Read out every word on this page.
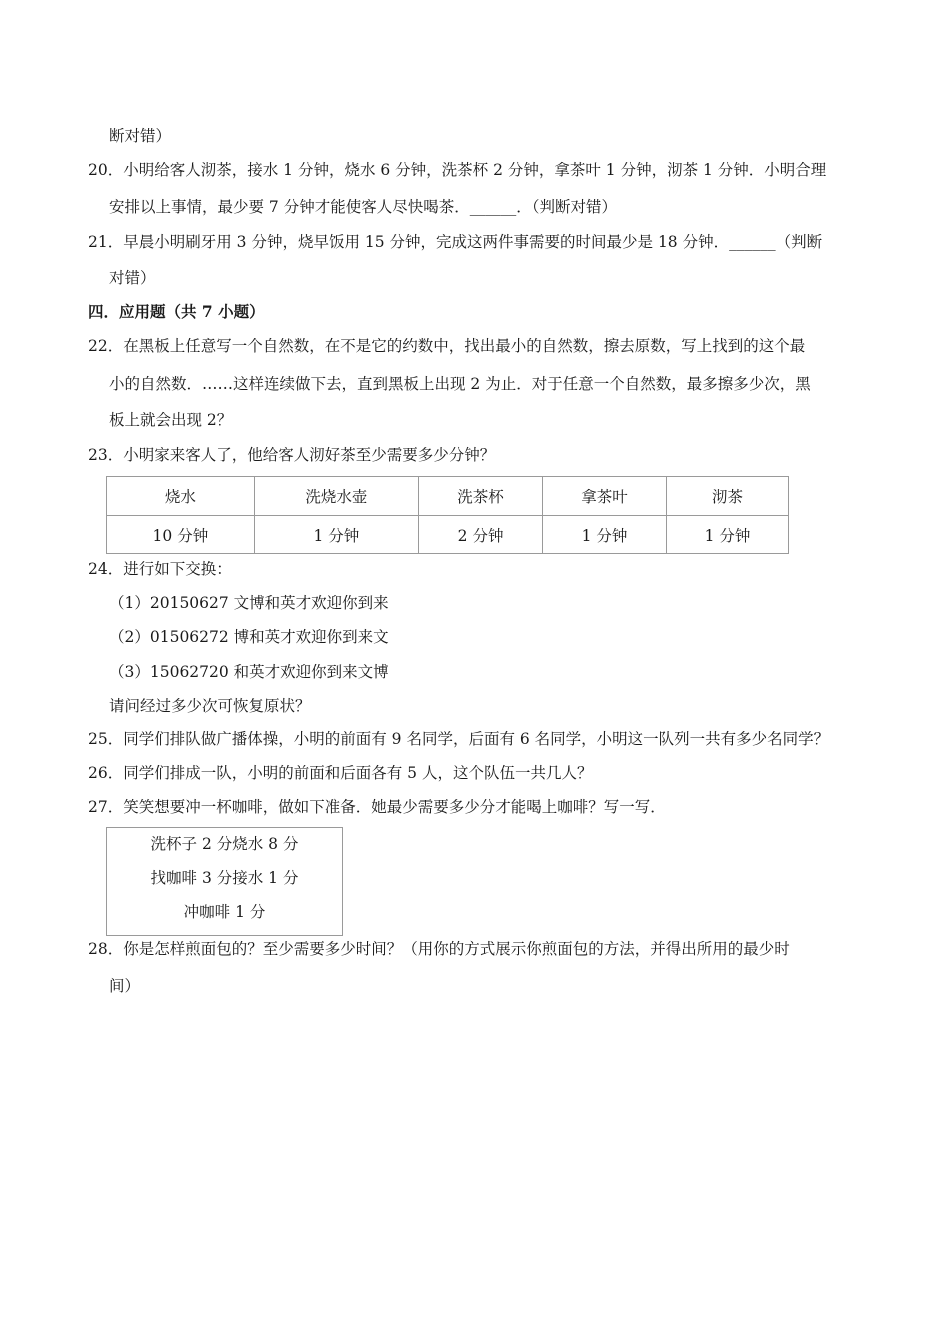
断对错）
20．小明给客人沏茶，接水 1 分钟，烧水 6 分钟，洗茶杯 2 分钟，拿茶叶 1 分钟，沏茶 1 分钟．小明合理
安排以上事情，最少要 7 分钟才能使客人尽快喝茶．______．（判断对错）
21．早晨小明刷牙用 3 分钟，烧早饭用 15 分钟，完成这两件事需要的时间最少是 18 分钟．______（判断
对错）
四．应用题（共 7 小题）
22．在黑板上任意写一个自然数，在不是它的约数中，找出最小的自然数，擦去原数，写上找到的这个最
小的自然数．……这样连续做下去，直到黑板上出现 2 为止．对于任意一个自然数，最多擦多少次，黑
板上就会出现 2？
23．小明家来客人了，他给客人沏好茶至少需要多少分钟？
烧水	洗烧水壶	洗茶杯	拿茶叶	沏茶
10 分钟	1 分钟	2 分钟	1 分钟	1 分钟
24．进行如下交换：
（1）20150627 文博和英才欢迎你到来
（2）01506272 博和英才欢迎你到来文
（3）15062720 和英才欢迎你到来文博
请问经过多少次可恢复原状？
25．同学们排队做广播体操，小明的前面有 9 名同学，后面有 6 名同学，小明这一队列一共有多少名同学？
26．同学们排成一队，小明的前面和后面各有 5 人，这个队伍一共几人？
27．笑笑想要冲一杯咖啡，做如下准备．她最少需要多少分才能喝上咖啡？写一写．
洗杯子 2 分烧水 8 分
找咖啡 3 分接水 1 分
冲咖啡 1 分
28．你是怎样煎面包的？至少需要多少时间？（用你的方式展示你煎面包的方法，并得出所用的最少时
间）
